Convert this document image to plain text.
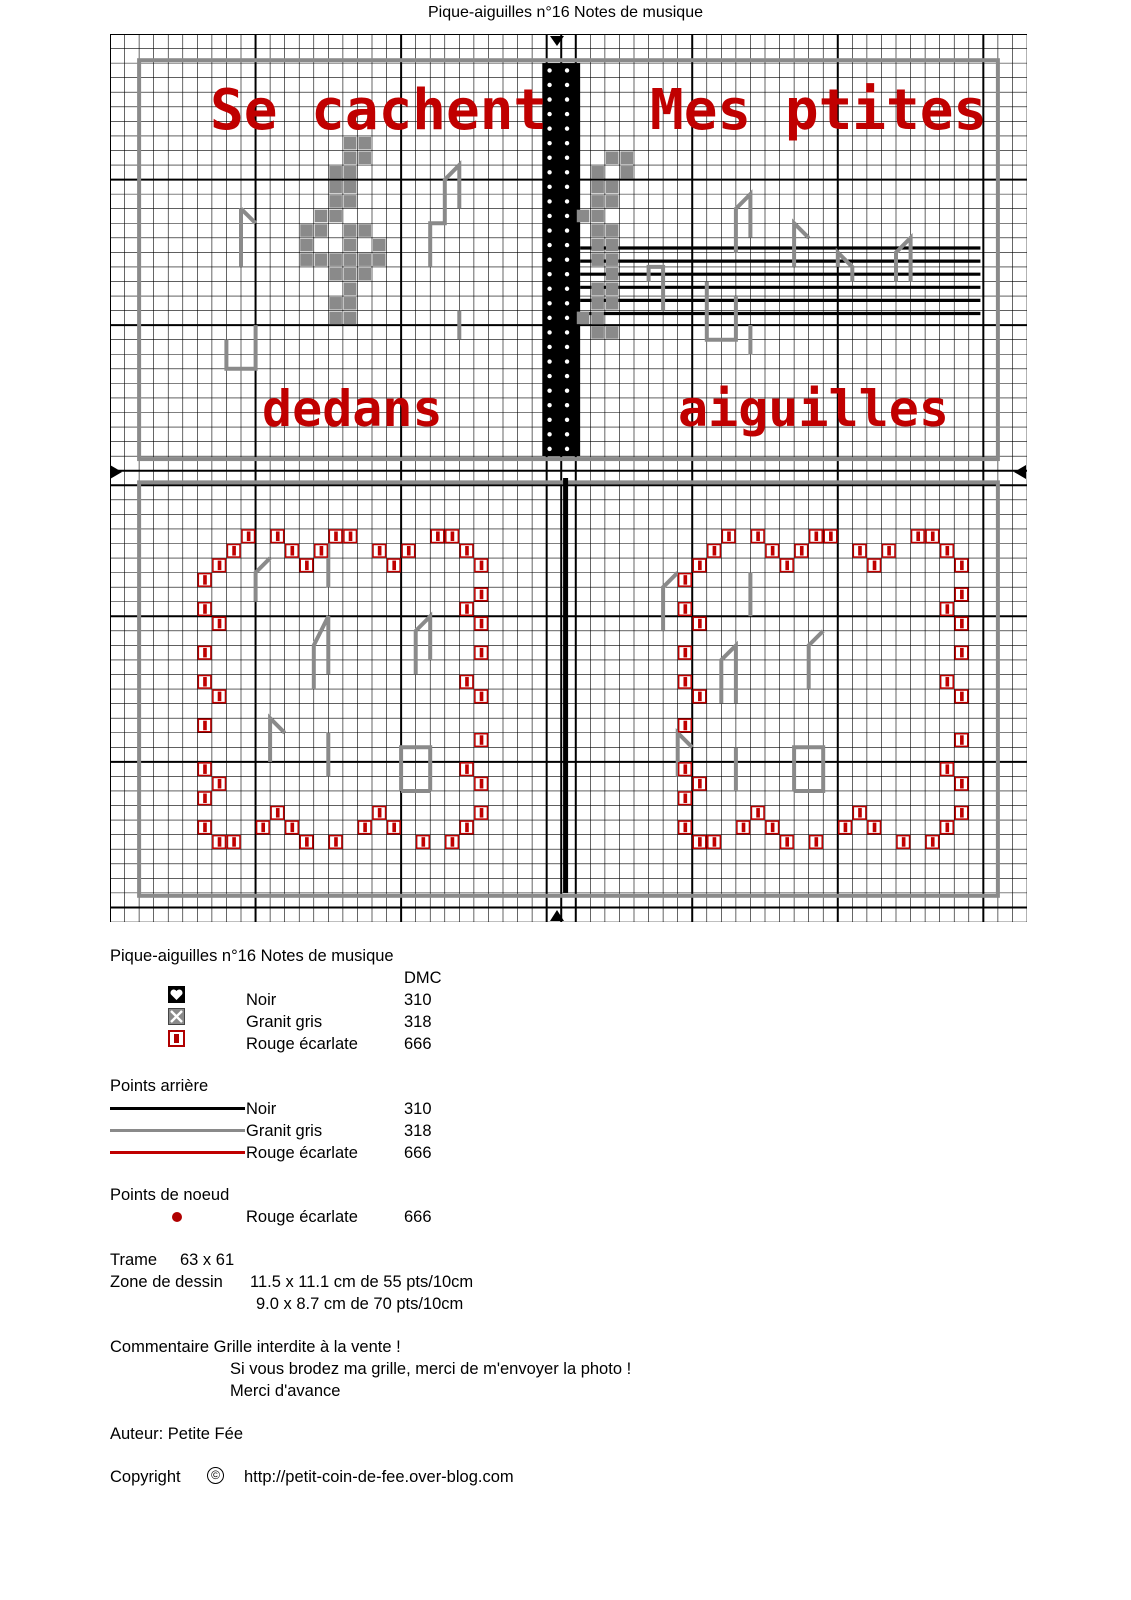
Pique-aiguilles n°16 Notes de musique
Se cachent
dedans
Mes ptites
aiguilles
Pique-aiguilles n°16 Notes de musique
DMC
Noir	310
Granit gris	318
Rouge écarlate	666
Points arrière
Noir	310
Granit gris	318
Rouge écarlate	666
Points de noeud
Rouge écarlate	666
Trame 63 x 61
Zone de dessin 11.5 x 11.1 cm de 55 pts/10cm
9.0 x 8.7 cm de 70 pts/10cm
Commentaire Grille interdite à la vente !
Si vous brodez ma grille, merci de m'envoyer la photo !
Merci d'avance
Auteur: Petite Fée
Copyright	© http://petit-coin-de-fee.over-blog.com
